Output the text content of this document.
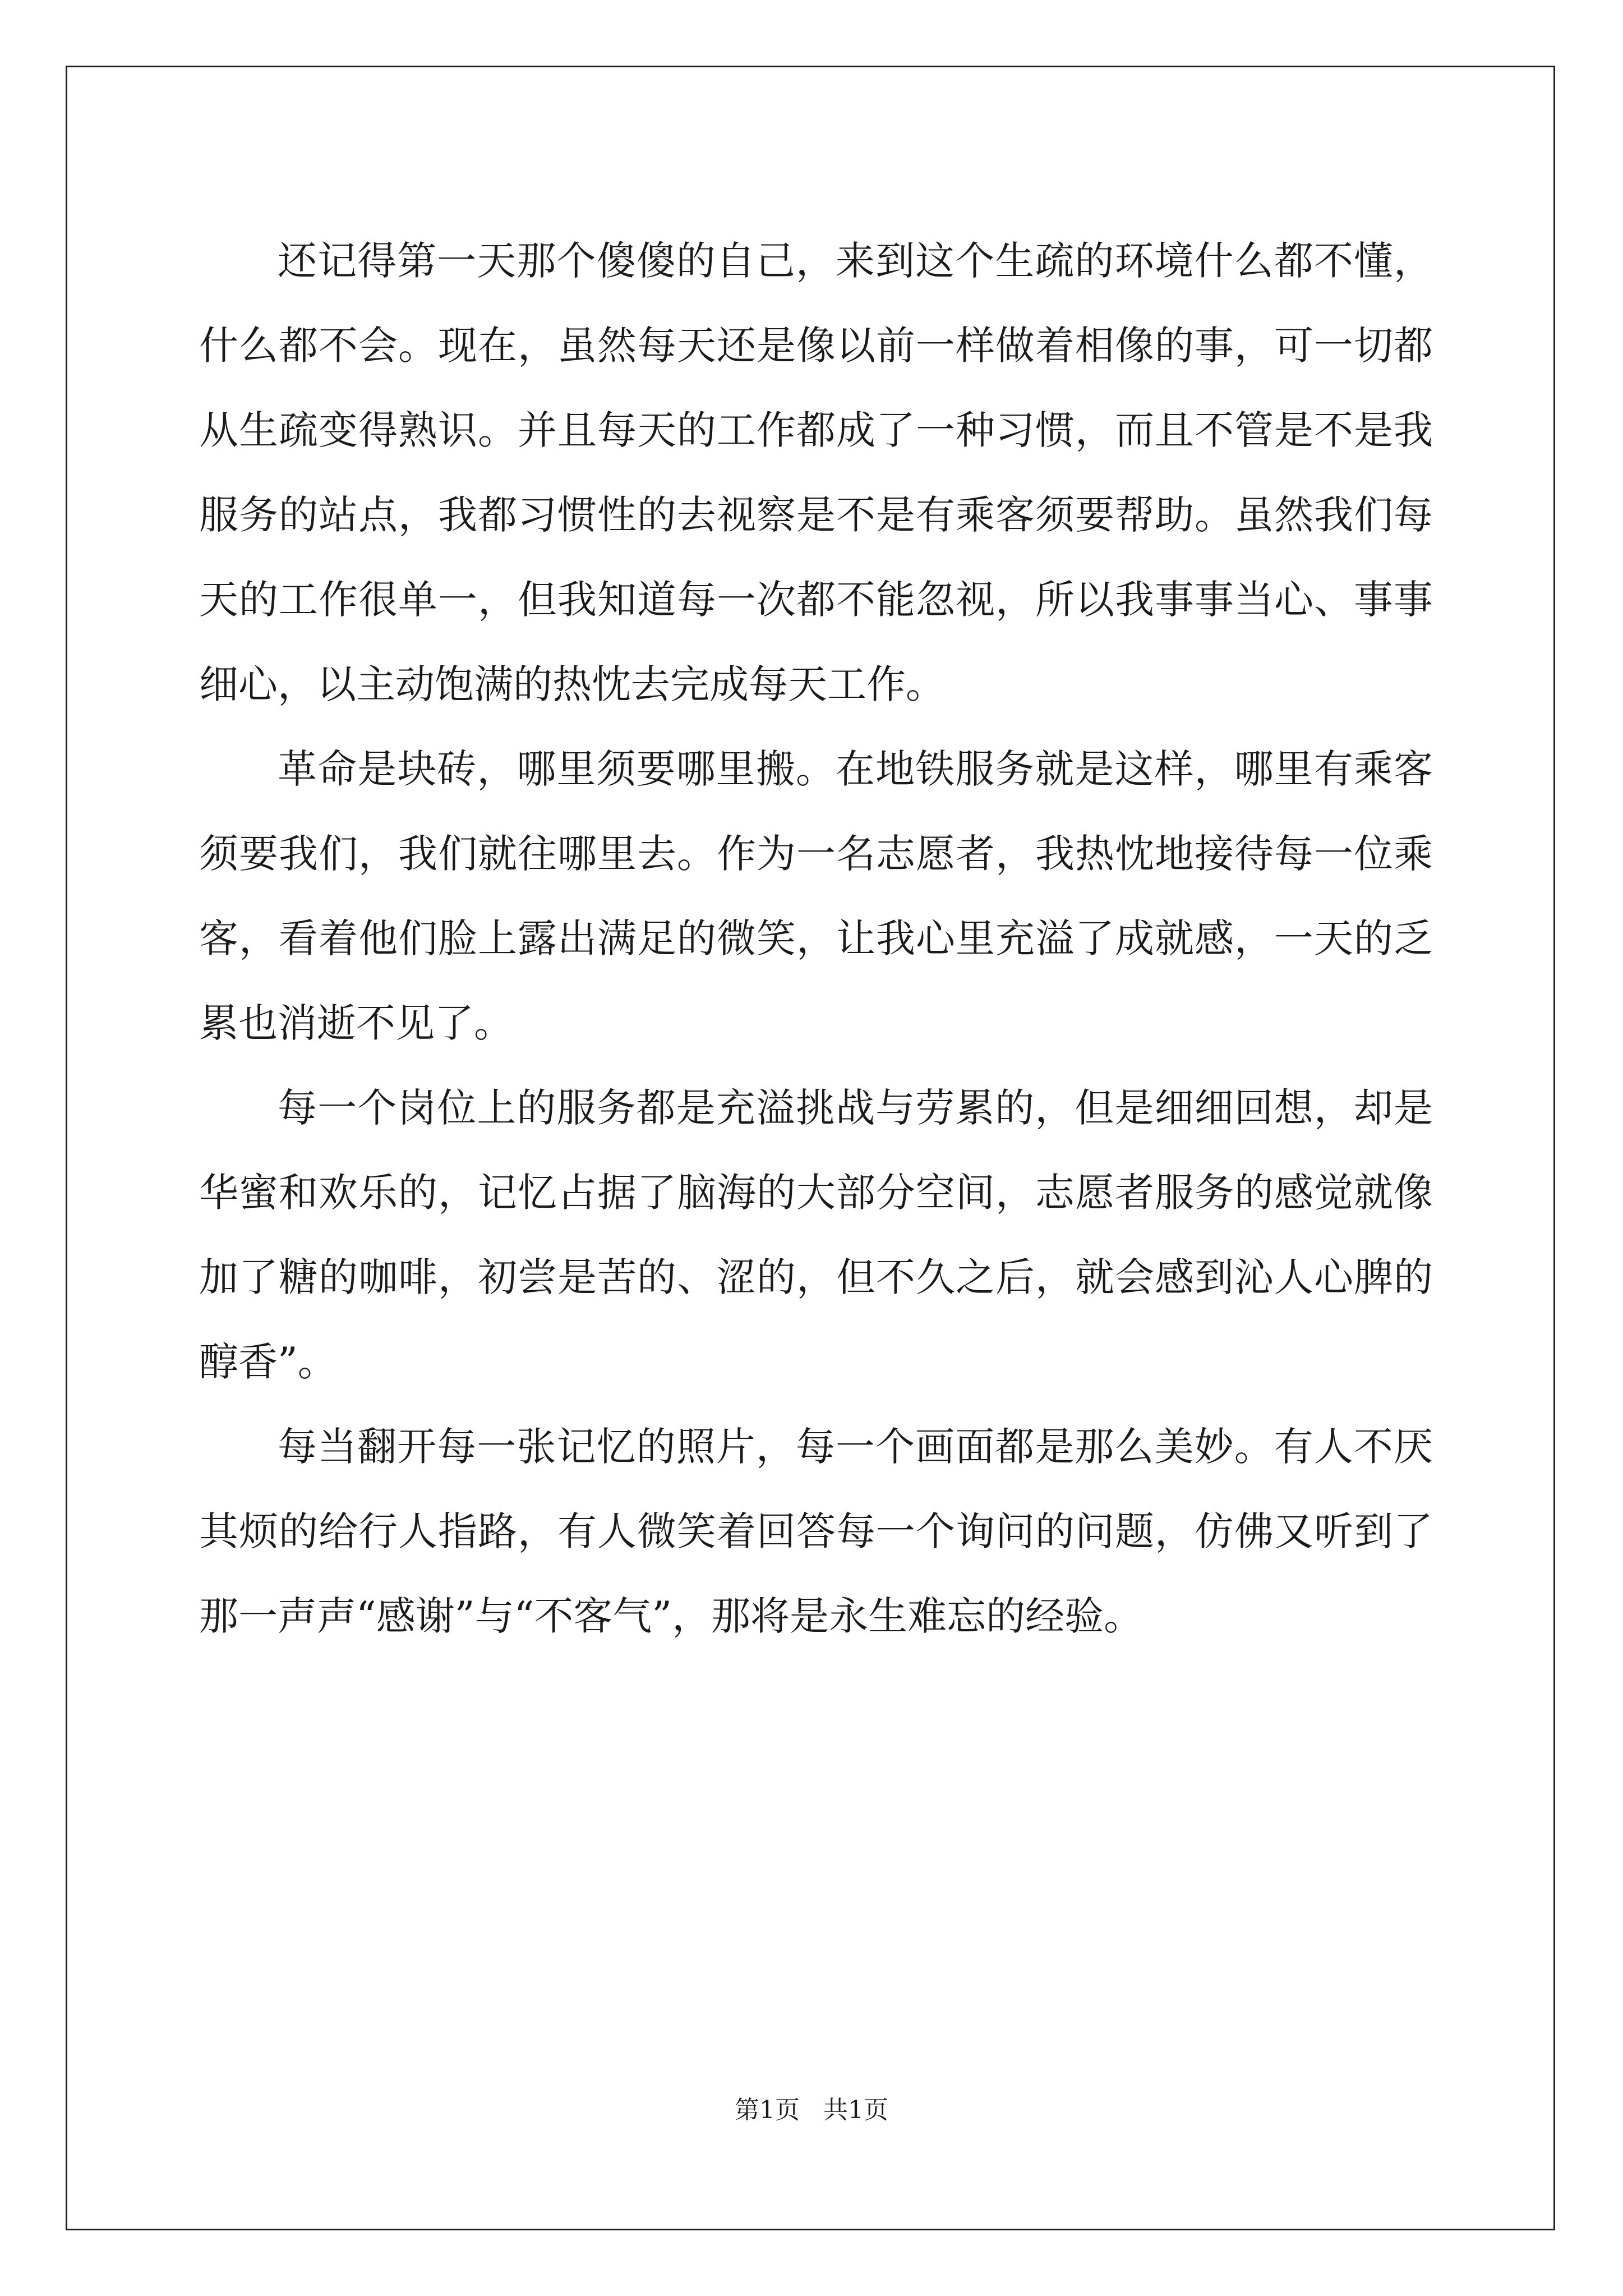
还记得第一天那个傻傻的自己，来到这个生疏的环境什么都不懂，什么都不会。现在，虽然每天还是像以前一样做着相像的事，可一切都从生疏变得熟识。并且每天的工作都成了一种习惯，而且不管是不是我服务的站点，我都习惯性的去视察是不是有乘客须要帮助。虽然我们每天的工作很单一，但我知道每一次都不能忽视，所以我事事当心、事事细心，以主动饱满的热忱去完成每天工作。

革命是块砖，哪里须要哪里搬。在地铁服务就是这样，哪里有乘客须要我们，我们就往哪里去。作为一名志愿者，我热忱地接待每一位乘客，看着他们脸上露出满足的微笑，让我心里充溢了成就感，一天的乏累也消逝不见了。

每一个岗位上的服务都是充溢挑战与劳累的，但是细细回想，却是华蜜和欢乐的，记忆占据了脑海的大部分空间，志愿者服务的感觉就像加了糖的咖啡，初尝是苦的、涩的，但不久之后，就会感到沁人心脾的醇香”。

每当翻开每一张记忆的照片，每一个画面都是那么美妙。有人不厌其烦的给行人指路，有人微笑着回答每一个询问的问题，仿佛又听到了那一声声“感谢”与“不客气”，那将是永生难忘的经验。

第1页   共1页
